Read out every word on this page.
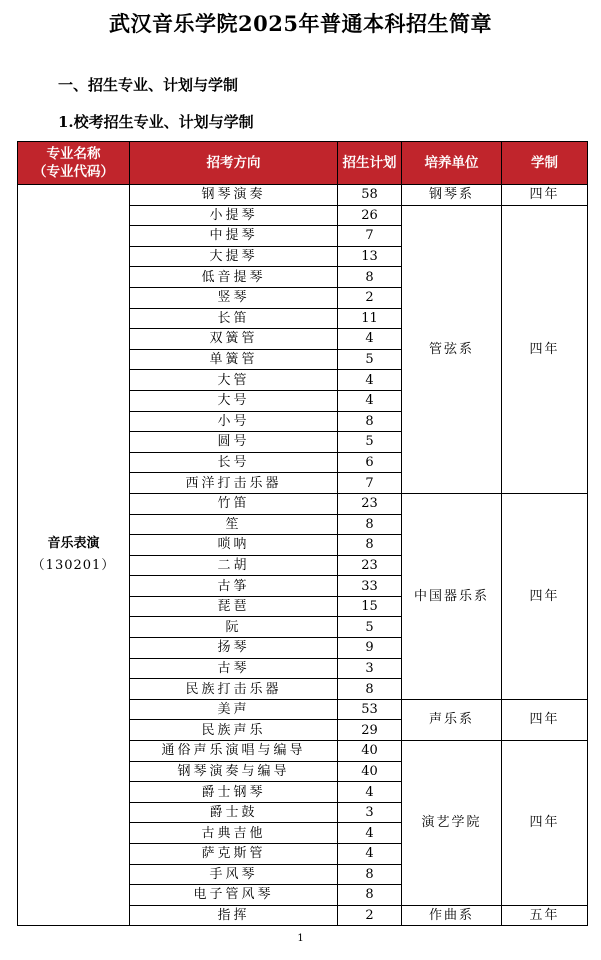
武汉音乐学院2025年普通本科招生简章
一、招生专业、计划与学制
1.校考招生专业、计划与学制
专业名称
（专业代码）	招考方向	招生计划	培养单位	学制

音乐表演
（130201）	钢琴演奏	58	钢琴系	四年
	小提琴	26	管弦系	四年
	中提琴	7		
	大提琴	13		
	低音提琴	8		
	竖琴	2		
	长笛	11		
	双簧管	4		
	单簧管	5		
	大管	4		
	大号	4		
	小号	8		
	圆号	5		
	长号	6		
	西洋打击乐器	7		
	竹笛	23	中国器乐系	四年
	笙	8		
	唢呐	8		
	二胡	23		
	古筝	33		
	琵琶	15		
	阮	5		
	扬琴	9		
	古琴	3		
	民族打击乐器	8		
	美声	53	声乐系	四年
	民族声乐	29		
	通俗声乐演唱与编导	40	演艺学院	四年
	钢琴演奏与编导	40		
	爵士钢琴	4		
	爵士鼓	3		
	古典吉他	4		
	萨克斯管	4		
	手风琴	8		
	电子管风琴	8		
	指挥	2	作曲系	五年
1
